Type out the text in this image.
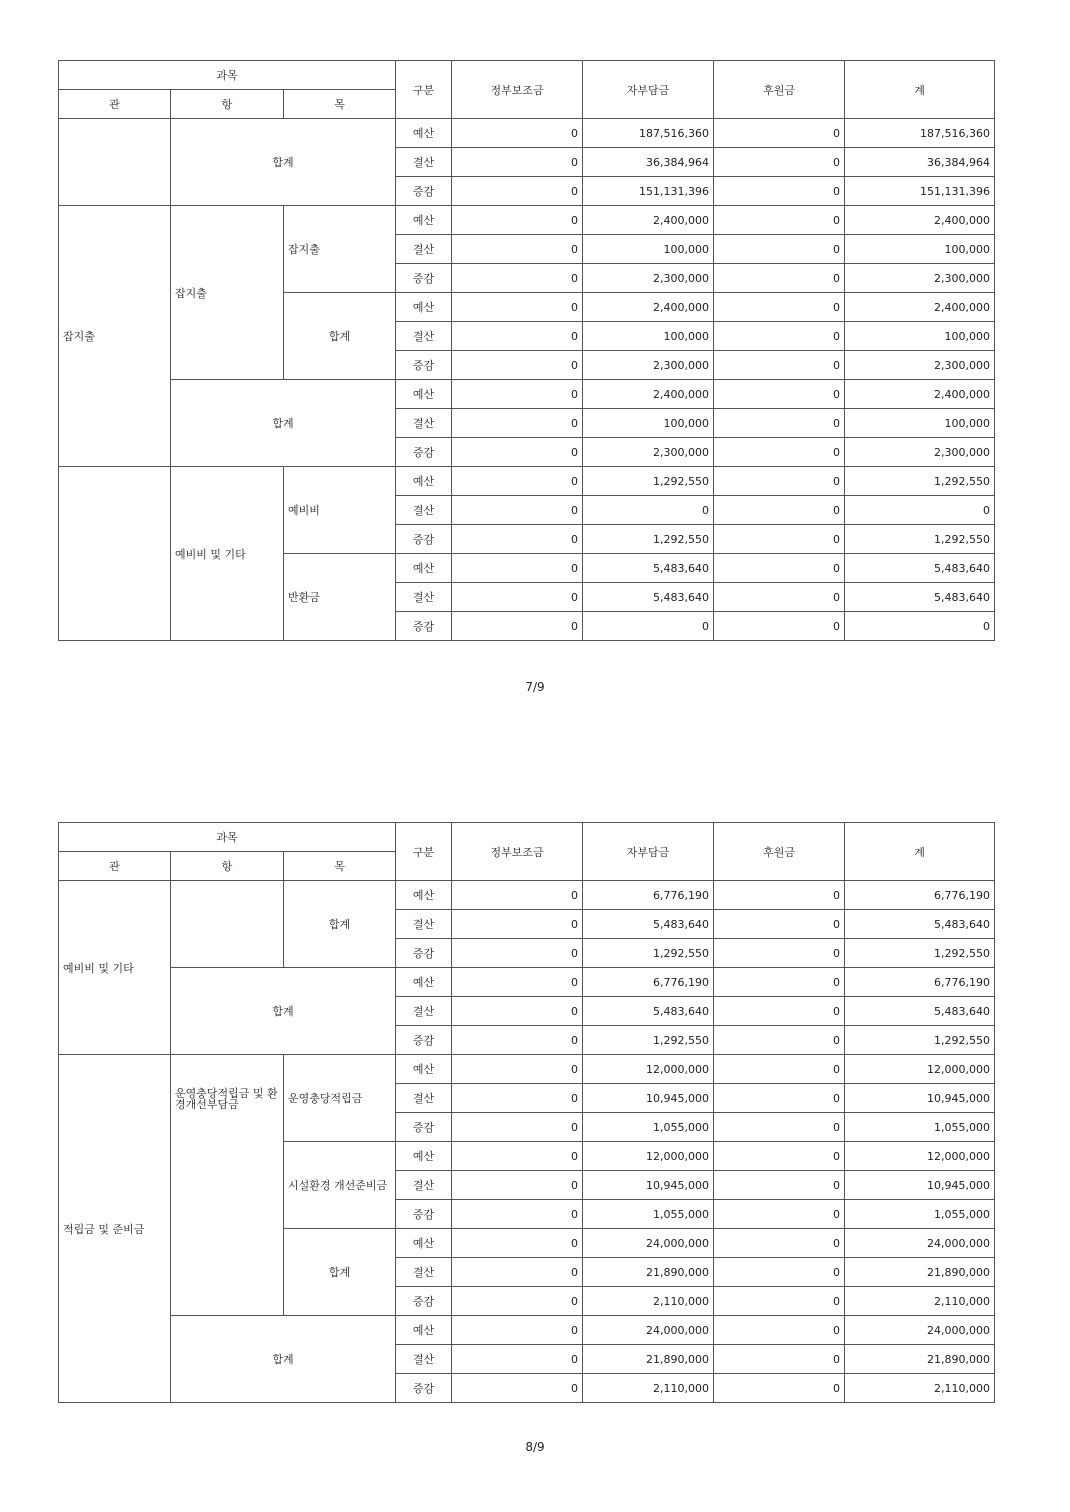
과목			구분	정부보조금	자부담금	후원금	계
관	항	목					
	합계		예산	0	187,516,360	0	187,516,360
			결산	0	36,384,964	0	36,384,964
			증감	0	151,131,396	0	151,131,396
잡지출	잡지출	잡지출	예산	0	2,400,000	0	2,400,000
			결산	0	100,000	0	100,000
			증감	0	2,300,000	0	2,300,000
		합계	예산	0	2,400,000	0	2,400,000
			결산	0	100,000	0	100,000
			증감	0	2,300,000	0	2,300,000
	합계		예산	0	2,400,000	0	2,400,000
			결산	0	100,000	0	100,000
			증감	0	2,300,000	0	2,300,000
	예비비 및 기타	예비비	예산	0	1,292,550	0	1,292,550
			결산	0	0	0	0
			증감	0	1,292,550	0	1,292,550
		반환금	예산	0	5,483,640	0	5,483,640
			결산	0	5,483,640	0	5,483,640
			증감	0	0	0	0
7/9
과목			구분	정부보조금	자부담금	후원금	계
관	항	목					
예비비 및 기타		합계	예산	0	6,776,190	0	6,776,190
			결산	0	5,483,640	0	5,483,640
			증감	0	1,292,550	0	1,292,550
	합계		예산	0	6,776,190	0	6,776,190
			결산	0	5,483,640	0	5,483,640
			증감	0	1,292,550	0	1,292,550
적립금 및 준비금	운영충당적립금 및 환경개선부담금	운영충당적립금	예산	0	12,000,000	0	12,000,000
			결산	0	10,945,000	0	10,945,000
			증감	0	1,055,000	0	1,055,000
		시설환경 개선준비금	예산	0	12,000,000	0	12,000,000
			결산	0	10,945,000	0	10,945,000
			증감	0	1,055,000	0	1,055,000
		합계	예산	0	24,000,000	0	24,000,000
			결산	0	21,890,000	0	21,890,000
			증감	0	2,110,000	0	2,110,000
	합계		예산	0	24,000,000	0	24,000,000
			결산	0	21,890,000	0	21,890,000
			증감	0	2,110,000	0	2,110,000
8/9
